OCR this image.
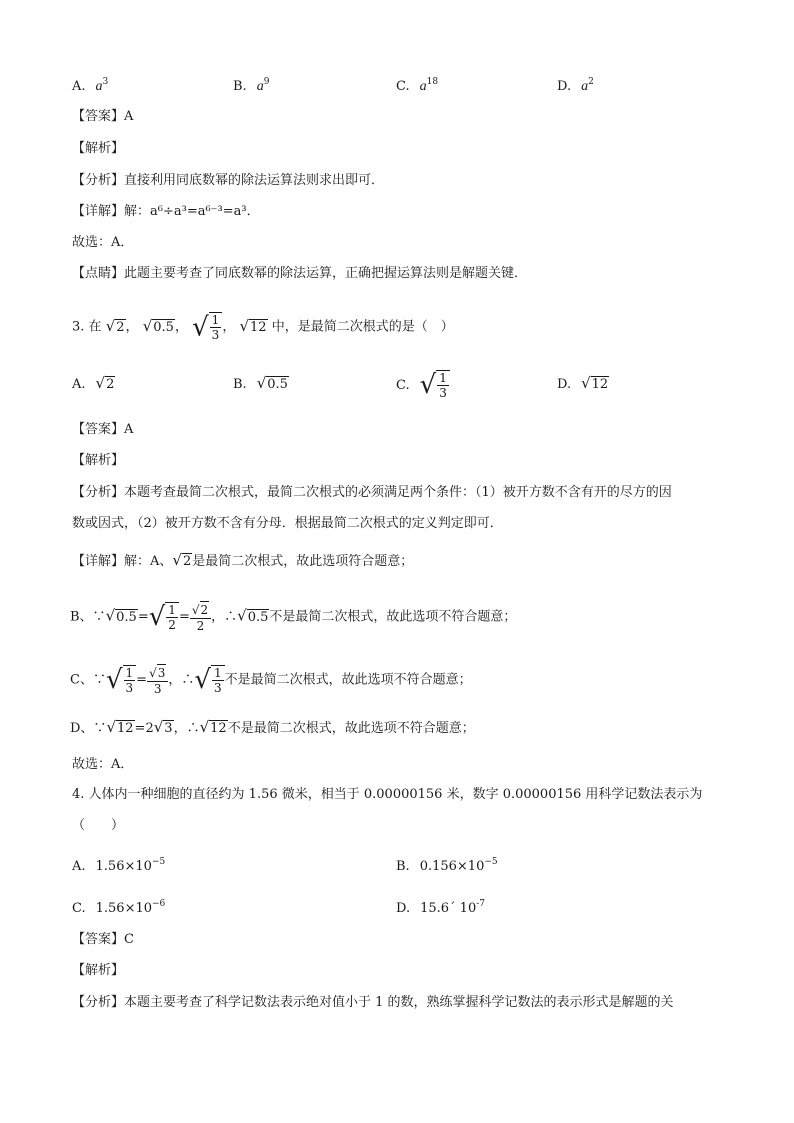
A. $a^3$	B. $a^9$	C. $a^{18}$	D. $a^2$
【答案】A
【解析】
【分析】直接利用同底数幂的除法运算法则求出即可．
【详解】解：a⁶÷a³=a⁶⁻³=a³．
故选：A．
【点睛】此题主要考查了同底数幂的除法运算，正确把握运算法则是解题关键．
3. 在 √2， √0.5， √ $\frac{1}{3}$ ， √12 中，是最简二次根式的是（　）
A. √2	B. √0.5	C. √ $\frac{1}{3}$	D. √12
【答案】A
【解析】
【分析】本题考查最简二次根式，最简二次根式的必须满足两个条件：（1）被开方数不含有开的尽方的因
数或因式，（2）被开方数不含有分母．根据最简二次根式的定义判定即可．
【详解】解：A、√2是最简二次根式，故此选项符合题意；
B、∵√0.5=√ $\frac{1}{2} = \frac{√2}{2}$ ，∴√0.5不是最简二次根式，故此选项不符合题意；
C、∵√ $\frac{1}{3} = \frac{√3}{3}$ ，∴√ $\frac{1}{3}$ 不是最简二次根式，故此选项不符合题意；
D、∵√12=2√3，∴√12不是最简二次根式，故此选项不符合题意；
故选：A．
4. 人体内一种细胞的直径约为 1.56 微米，相当于 0.00000156 米，数字 0.00000156 用科学记数法表示为
（　　）
A. $1.56\times 10^{-5}$	B. $0.156\times 10^{-5}$
C. $1.56\times 10^{-6}$	D. 15.6´ $10^{-7}$
【答案】C
【解析】
【分析】本题主要考查了科学记数法表示绝对值小于 1 的数，熟练掌握科学记数法的表示形式是解题的关
